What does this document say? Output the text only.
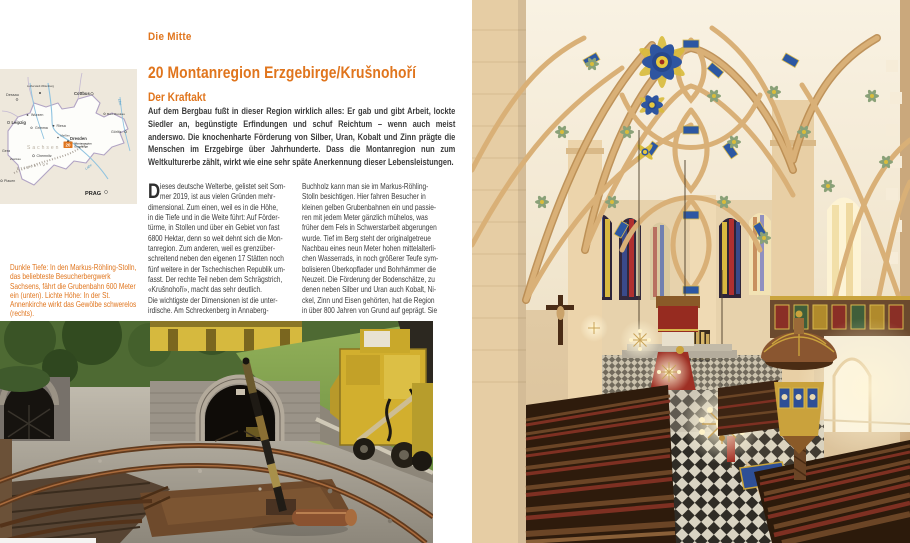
Die Mitte
Elbe
Labe
Erzgebirge
Sachsen
Dessau
Lutherstadt Wittenberg
Cottbus
Wurzen
Leipzig
Grimma Riesa
Bad Muskau
Meißen
Dresden
Görlitz
Gera
Chemnitz
Zwickau
Plauen
PRAG
20 Montanregion
Erzgebirge
20 Montanregion Erzgebirge/Krušnohoří
Der Kraftakt

Auf dem Bergbau fußt in dieser Region wirklich alles: Er gab und gibt Arbeit, lockte Siedler an, begünstigte Erfindungen und schuf Reichtum – wenn auch meist anderswo. Die knochenharte Förderung von Silber, Uran, Kobalt und Zinn prägte die Menschen im Erzgebirge über Jahrhunderte. Dass die Montanregion nun zum Weltkulturerbe zählt, wirkt wie eine sehr späte Anerkennung dieser Lebensleistungen.

D ieses deutsche Welterbe, gelistet seit Som-
mer 2019, ist aus vielen Gründen mehr-
dimensional. Zum einen, weil es in die Höhe,
in die Tiefe und in die Weite führt: Auf Förder-
türme, in Stollen und über ein Gebiet von fast
6800 Hektar, denn so weit dehnt sich die Mon-
tanregion. Zum anderen, weil es grenzüber-
schreitend neben den eigenen 17 Stätten noch
fünf weitere in der Tschechischen Republik um-
fasst. Der rechte Teil neben dem Schrägstrich,
«Krušnohoří», macht das sehr deutlich.
Die wichtigste der Dimensionen ist die unter-
irdische. Am Schreckenberg in Annaberg-
Buchholz kann man sie im Markus-Röhling-
Stolln besichtigen. Hier fahren Besucher in
kleinen gelben Grubenbahnen ein und passie-
ren mit jedem Meter gänzlich mühelos, was
früher dem Fels in Schwerstarbeit abgerungen
wurde. Tief im Berg steht der originalgetreue
Nachbau eines neun Meter hohen mittelalterli-
chen Wasserrads, in noch größerer Teufe sym-
bolisieren Überkopflader und Bohrhämmer die
Neuzeit. Die Förderung der Bodenschätze, zu
denen neben Silber und Uran auch Kobalt, Ni-
ckel, Zinn und Eisen gehörten, hat die Region
in über 800 Jahren von Grund auf geprägt. Sie
Dunkle Tiefe: In den Markus-Röhling-Stolln, das beliebteste Besucherbergwerk Sachsens, fährt die Grubenbahn 600 Meter ein (unten). Lichte Höhe: In der St. Annenkirche wirkt das Gewölbe schwerelos (rechts).
